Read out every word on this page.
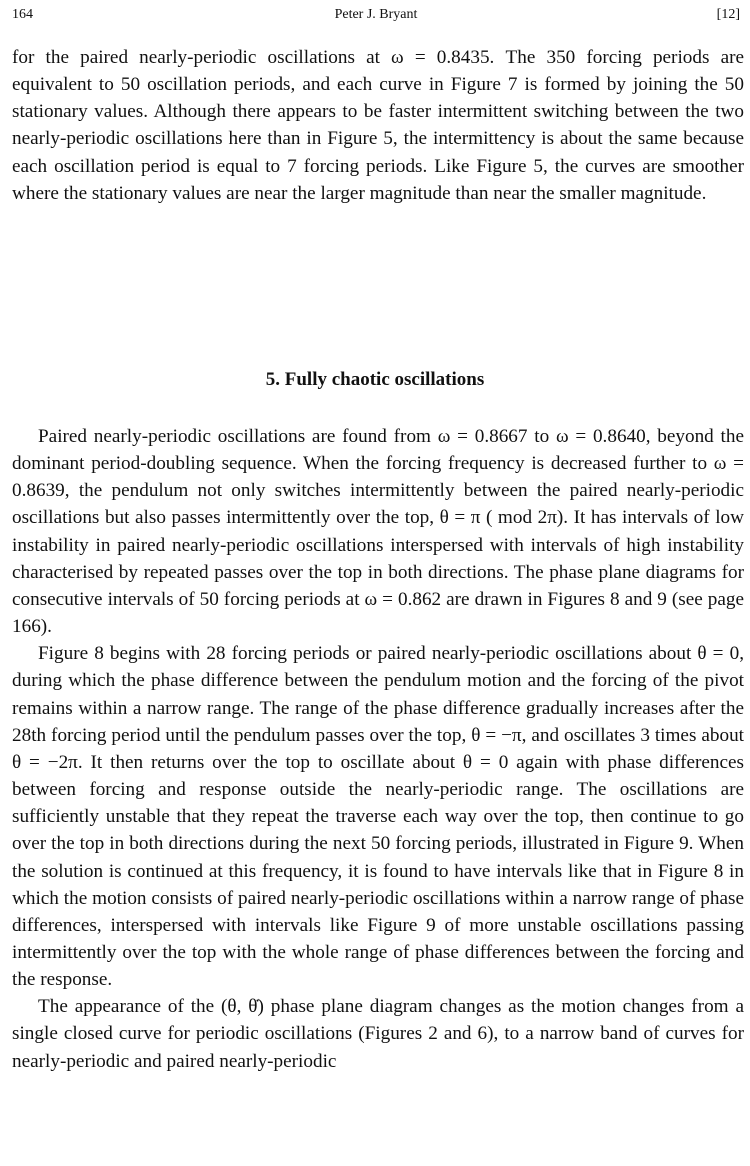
164	Peter J. Bryant	[12]

for the paired nearly-periodic oscillations at ω = 0.8435. The 350 forcing periods are equivalent to 50 oscillation periods, and each curve in Figure 7 is formed by joining the 50 stationary values. Although there appears to be faster intermittent switching between the two nearly-periodic oscillations here than in Figure 5, the intermittency is about the same because each oscillation period is equal to 7 forcing periods. Like Figure 5, the curves are smoother where the stationary values are near the larger magnitude than near the smaller magnitude.

5. Fully chaotic oscillations

Paired nearly-periodic oscillations are found from ω = 0.8667 to ω = 0.8640, beyond the dominant period-doubling sequence. When the forcing frequency is decreased further to ω = 0.8639, the pendulum not only switches intermittently between the paired nearly-periodic oscillations but also passes intermittently over the top, θ = π ( mod 2π). It has intervals of low instability in paired nearly-periodic oscillations interspersed with intervals of high instability characterised by repeated passes over the top in both directions. The phase plane diagrams for consecutive intervals of 50 forcing periods at ω = 0.862 are drawn in Figures 8 and 9 (see page 166).

Figure 8 begins with 28 forcing periods or paired nearly-periodic oscillations about θ = 0, during which the phase difference between the pendulum motion and the forcing of the pivot remains within a narrow range. The range of the phase difference gradually increases after the 28th forcing period until the pendulum passes over the top, θ = −π, and oscillates 3 times about θ = −2π. It then returns over the top to oscillate about θ = 0 again with phase differences between forcing and response outside the nearly-periodic range. The oscillations are sufficiently unstable that they repeat the traverse each way over the top, then continue to go over the top in both directions during the next 50 forcing periods, illustrated in Figure 9. When the solution is continued at this frequency, it is found to have intervals like that in Figure 8 in which the motion consists of paired nearly-periodic oscillations within a narrow range of phase differences, interspersed with intervals like Figure 9 of more unstable oscillations passing intermittently over the top with the whole range of phase differences between the forcing and the response.

The appearance of the (θ, θ̇) phase plane diagram changes as the motion changes from a single closed curve for periodic oscillations (Figures 2 and 6), to a narrow band of curves for nearly-periodic and paired nearly-periodic
